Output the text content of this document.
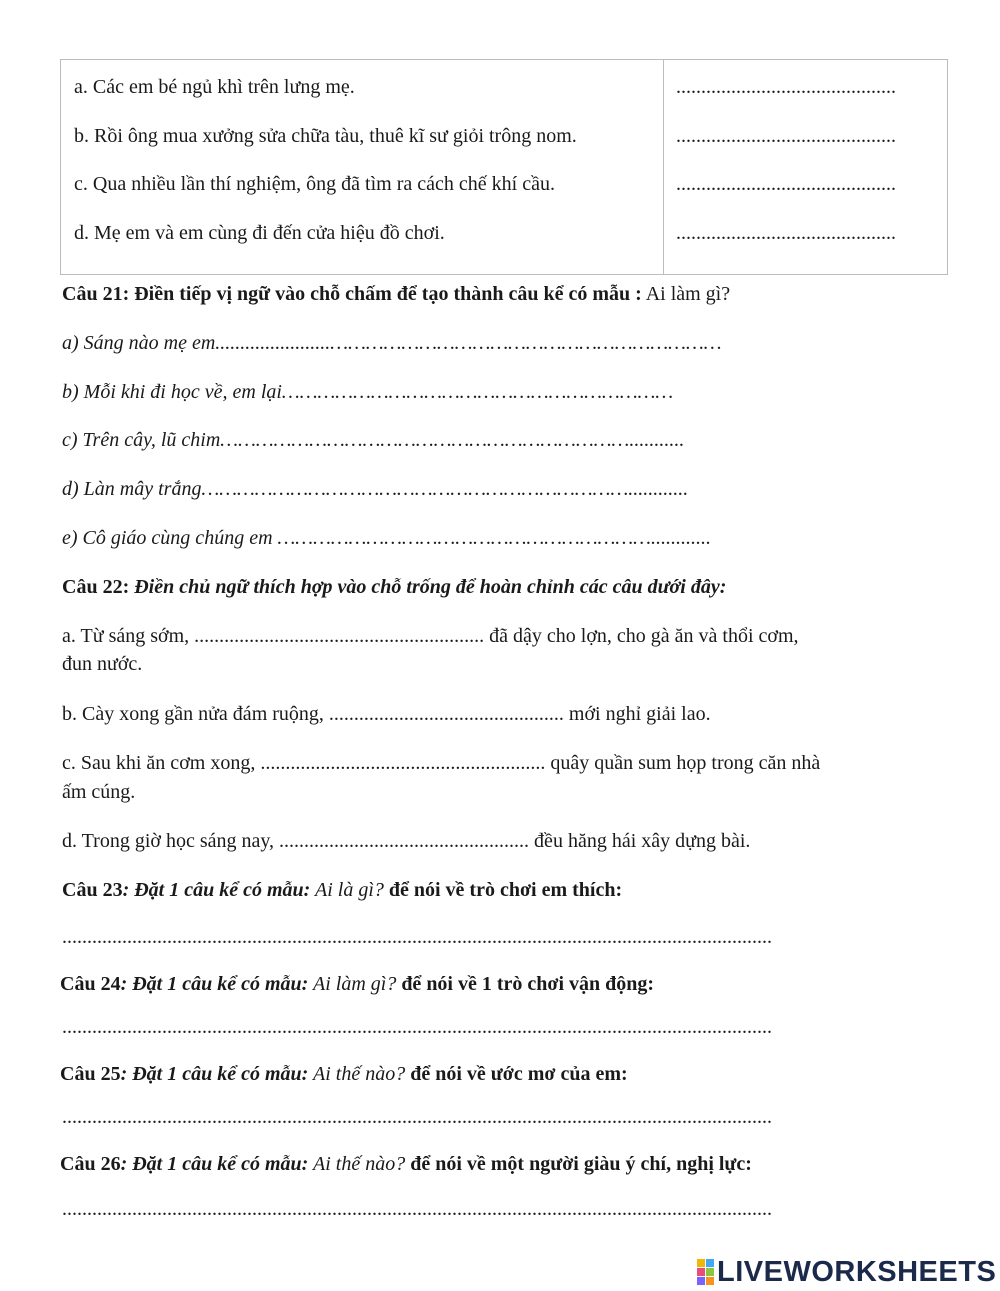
a. Các em bé ngủ khì trên lưng mẹ.	............................................
b. Rồi ông mua xưởng sửa chữa tàu, thuê kĩ sư giỏi trông nom.	............................................
c. Qua nhiều lần thí nghiệm, ông đã tìm ra cách chế khí cầu.	............................................
d. Mẹ em và em cùng đi đến cửa hiệu đồ chơi.	............................................
Câu 21: Điền tiếp vị ngữ vào chỗ chấm để tạo thành câu kể có mẫu : Ai làm gì?
a) Sáng nào mẹ em.......................…………………………………………………………
b) Mỗi khi đi học về, em lại…………………………………………………………
c) Trên cây, lũ chim……………………………………………………………...........
d) Làn mây trắng………………………………………………………………............
e) Cô giáo cùng chúng em ………………………………………………………............
Câu 22: Điền chủ ngữ thích hợp vào chỗ trống để hoàn chỉnh các câu dưới đây:
a. Từ sáng sớm, .......................................................... đã dậy cho lợn, cho gà ăn và thổi cơm,
đun nước.
b. Cày xong gần nửa đám ruộng, ............................................... mới nghỉ giải lao.
c. Sau khi ăn cơm xong, ......................................................... quây quần sum họp trong căn nhà
ấm cúng.
d. Trong giờ học sáng nay, .................................................. đều hăng hái xây dựng bài.
Câu 23: Đặt 1 câu kể có mẫu: Ai là gì? để nói về trò chơi em thích:
..............................................................................................................................................
Câu 24: Đặt 1 câu kể có mẫu: Ai làm gì? để nói về 1 trò chơi vận động:
..............................................................................................................................................
Câu 25: Đặt 1 câu kể có mẫu: Ai thế nào? để nói về ước mơ của em:
..............................................................................................................................................
Câu 26: Đặt 1 câu kể có mẫu: Ai thế nào? để nói về một người giàu ý chí, nghị lực:
..............................................................................................................................................
LIVEWORKSHEETS
